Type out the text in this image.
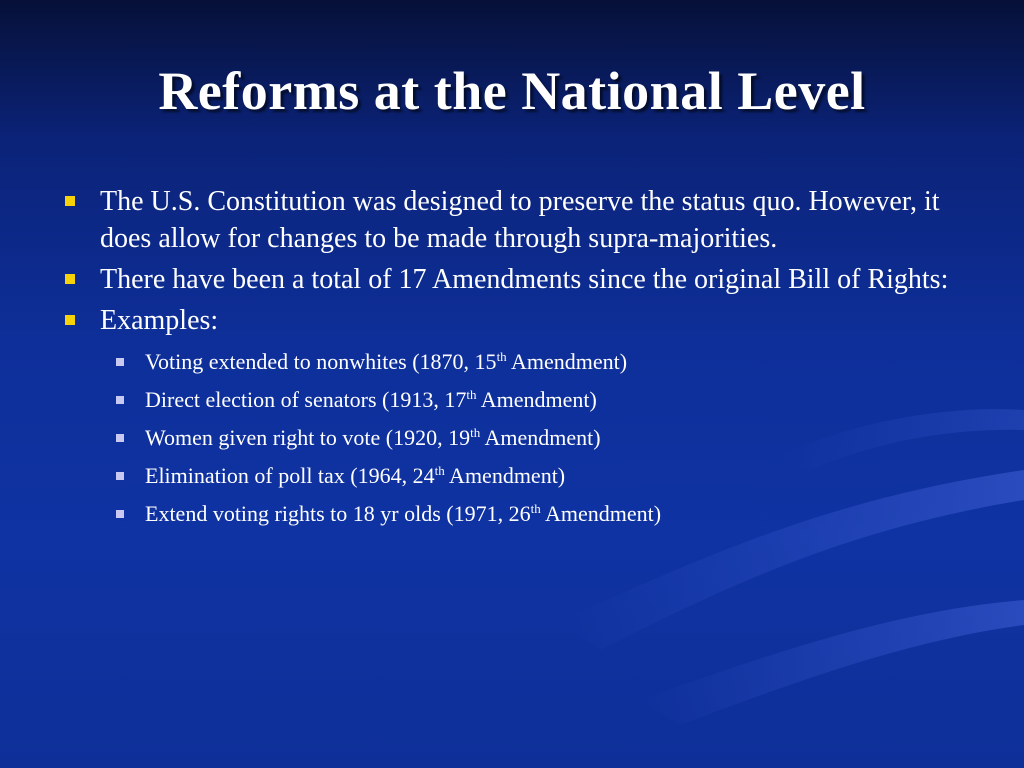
Reforms at the National Level
The U.S. Constitution was designed to preserve the status quo. However, it does allow for changes to be made through supra-majorities.
There have been a total of 17 Amendments since the original Bill of Rights:
Examples:
Voting extended to nonwhites (1870, 15th Amendment)
Direct election of senators (1913, 17th Amendment)
Women given right to vote (1920, 19th Amendment)
Elimination of poll tax (1964, 24th Amendment)
Extend voting rights to 18 yr olds (1971, 26th Amendment)
